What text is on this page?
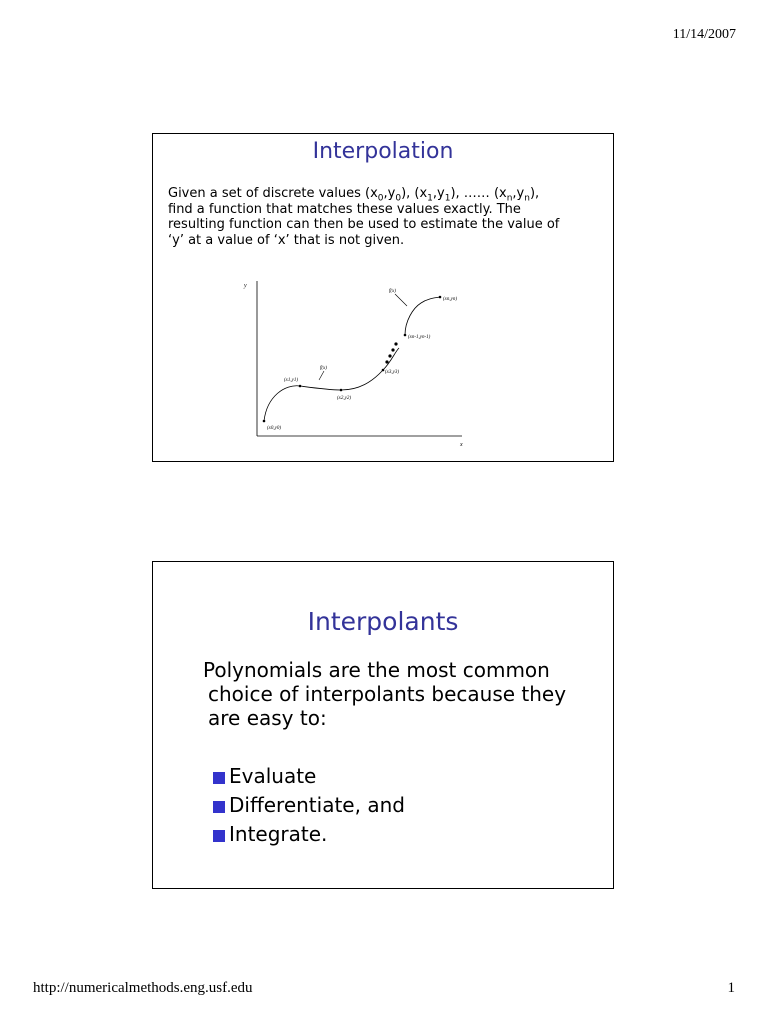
11/14/2007
Interpolation
Given a set of discrete values $(x_0,y_0)$, $(x_1,y_1)$, …… $(x_n,y_n)$,
find a function that matches these values exactly. The
resulting function can then be used to estimate the value of
‘y’ at a value of ‘x’ that is not given.
y
x
(x0,y0)
(x1,y1)
(x2,y2)
(x3,y3)
(xn-1,yn-1)
(xn,yn)
f(x)
f(x)
Interpolants
Polynomials are the most common
choice of interpolants because they
are easy to:
Evaluate
Differentiate, and
Integrate.
http://numericalmethods.eng.usf.edu	1
